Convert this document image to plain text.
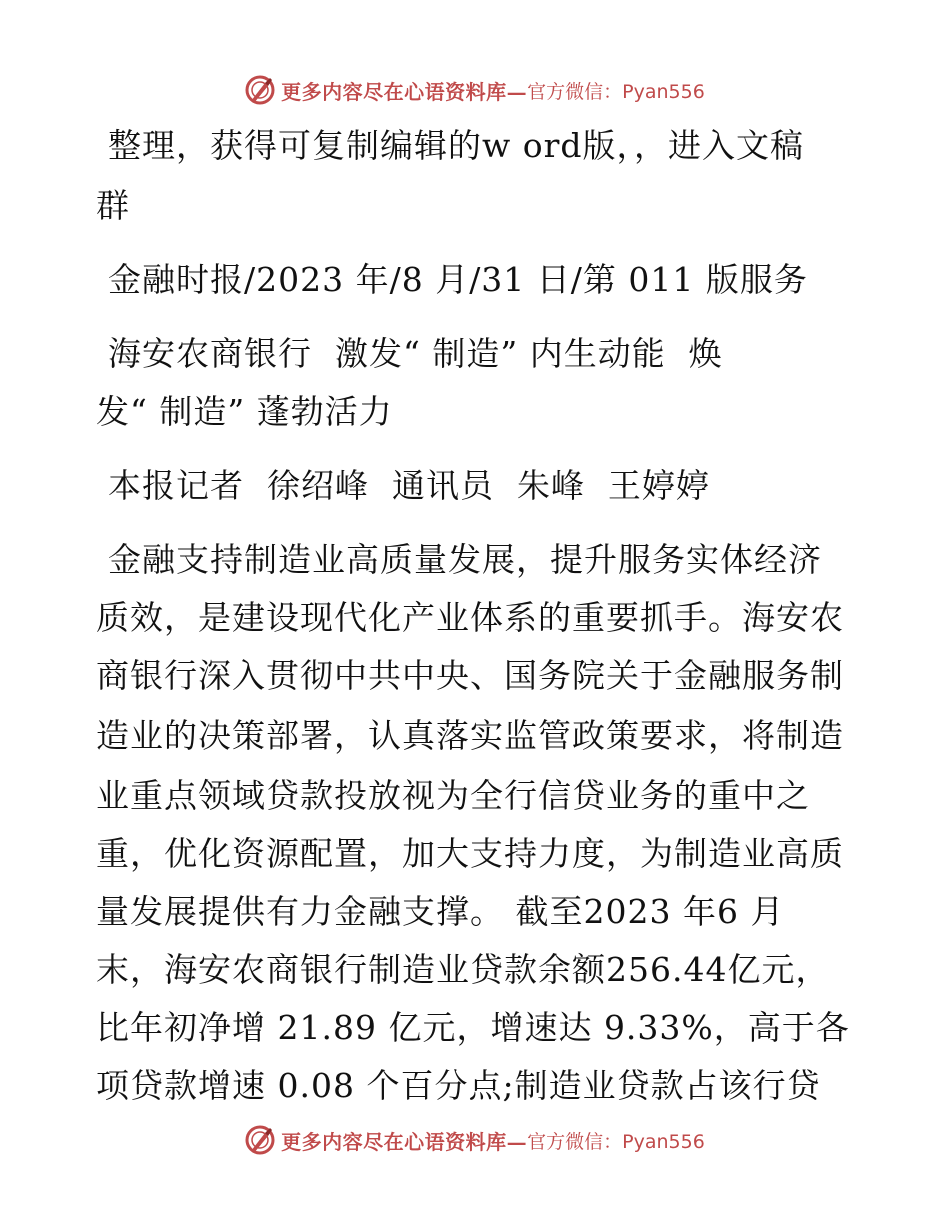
更多内容尽在心语资料库— 官方微信：Pyan556
整理，获得可复制编辑的w ord版，，进入文稿
群
金融时报/2023 年/8 月/31 日/第 011 版服务
海安农商银行  激发“ 制造” 内生动能  焕
发“ 制造” 蓬勃活力
本报记者  徐绍峰  通讯员  朱峰  王婷婷
金融支持制造业高质量发展，提升服务实体经济
质效，是建设现代化产业体系的重要抓手。海安农
商银行深入贯彻中共中央、国务院关于金融服务制
造业的决策部署，认真落实监管政策要求，将制造
业重点领域贷款投放视为全行信贷业务的重中之
重，优化资源配置，加大支持力度，为制造业高质
量发展提供有力金融支撑。 截至2023 年6 月
末，海安农商银行制造业贷款余额256.44亿元，
比年初净增 21.89 亿元，增速达 9.33%，高于各
项贷款增速 0.08 个百分点;制造业贷款占该行贷
更多内容尽在心语资料库— 官方微信：Pyan556
